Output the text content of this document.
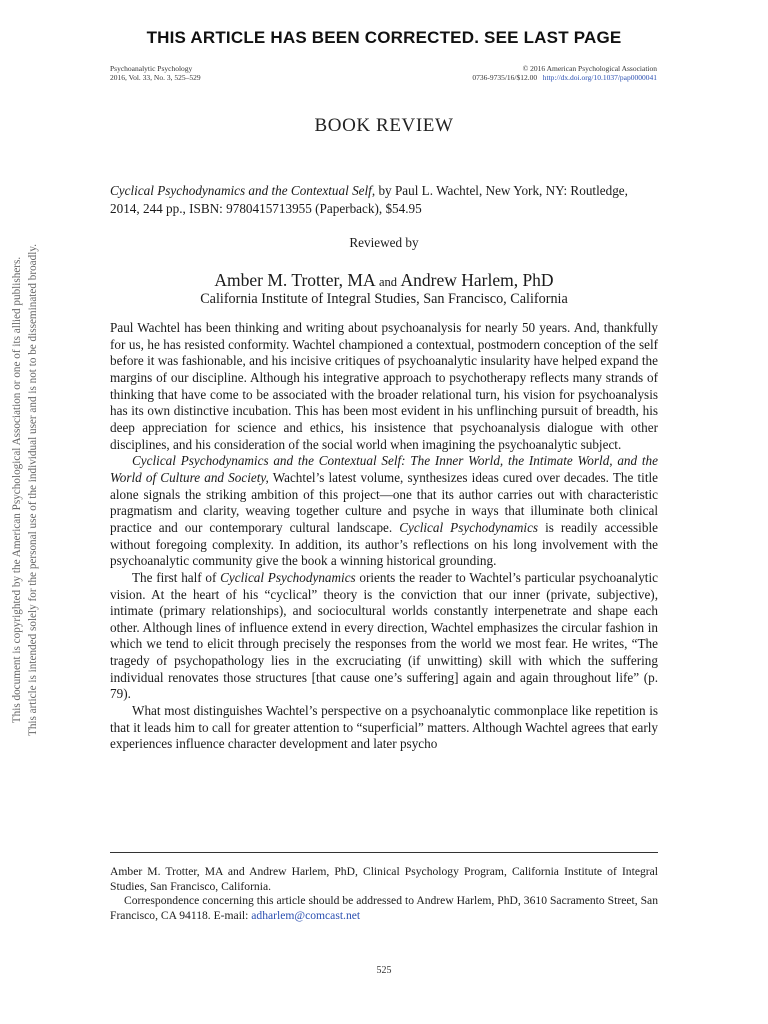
THIS ARTICLE HAS BEEN CORRECTED. SEE LAST PAGE
Psychoanalytic Psychology
2016, Vol. 33, No. 3, 525–529
© 2016 American Psychological Association
0736-9735/16/$12.00 http://dx.doi.org/10.1037/pap0000041
BOOK REVIEW
Cyclical Psychodynamics and the Contextual Self, by Paul L. Wachtel, New York, NY: Routledge, 2014, 244 pp., ISBN: 9780415713955 (Paperback), $54.95
Reviewed by
Amber M. Trotter, MA and Andrew Harlem, PhD
California Institute of Integral Studies, San Francisco, California

Paul Wachtel has been thinking and writing about psychoanalysis for nearly 50 years. And, thankfully for us, he has resisted conformity. Wachtel championed a contextual, postmodern conception of the self before it was fashionable, and his incisive critiques of psychoanalytic insularity have helped expand the margins of our discipline. Although his integrative approach to psychotherapy reflects many strands of thinking that have come to be associated with the broader relational turn, his vision for psychoanalysis has its own distinctive incubation. This has been most evident in his unflinching pursuit of breadth, his deep appreciation for science and ethics, his insistence that psychoanalysis dialogue with other disciplines, and his consideration of the social world when imagining the psychoanalytic subject.

Cyclical Psychodynamics and the Contextual Self: The Inner World, the Intimate World, and the World of Culture and Society, Wachtel’s latest volume, synthesizes ideas cured over decades. The title alone signals the striking ambition of this project—one that its author carries out with characteristic pragmatism and clarity, weaving together culture and psyche in ways that illuminate both clinical practice and our contemporary cultural landscape. Cyclical Psychodynamics is readily accessible without foregoing complexity. In addition, its author’s reflections on his long involvement with the psychoanalytic community give the book a winning historical grounding.

The first half of Cyclical Psychodynamics orients the reader to Wachtel’s particular psychoanalytic vision. At the heart of his “cyclical” theory is the conviction that our inner (private, subjective), intimate (primary relationships), and sociocultural worlds constantly interpenetrate and shape each other. Although lines of influence extend in every direction, Wachtel emphasizes the circular fashion in which we tend to elicit through precisely the responses from the world we most fear. He writes, “The tragedy of psychopathology lies in the excruciating (if unwitting) skill with which the suffering individual renovates those structures [that cause one’s suffering] again and again throughout life” (p. 79).

What most distinguishes Wachtel’s perspective on a psychoanalytic commonplace like repetition is that it leads him to call for greater attention to “superficial” matters. Although Wachtel agrees that early experiences influence character development and later psycho

Amber M. Trotter, MA and Andrew Harlem, PhD, Clinical Psychology Program, California Institute of Integral Studies, San Francisco, California.

Correspondence concerning this article should be addressed to Andrew Harlem, PhD, 3610 Sacramento Street, San Francisco, CA 94118. E-mail: adharlem@comcast.net

525
This document is copyrighted by the American Psychological Association or one of its allied publishers. This article is intended solely for the personal use of the individual user and is not to be disseminated broadly.
